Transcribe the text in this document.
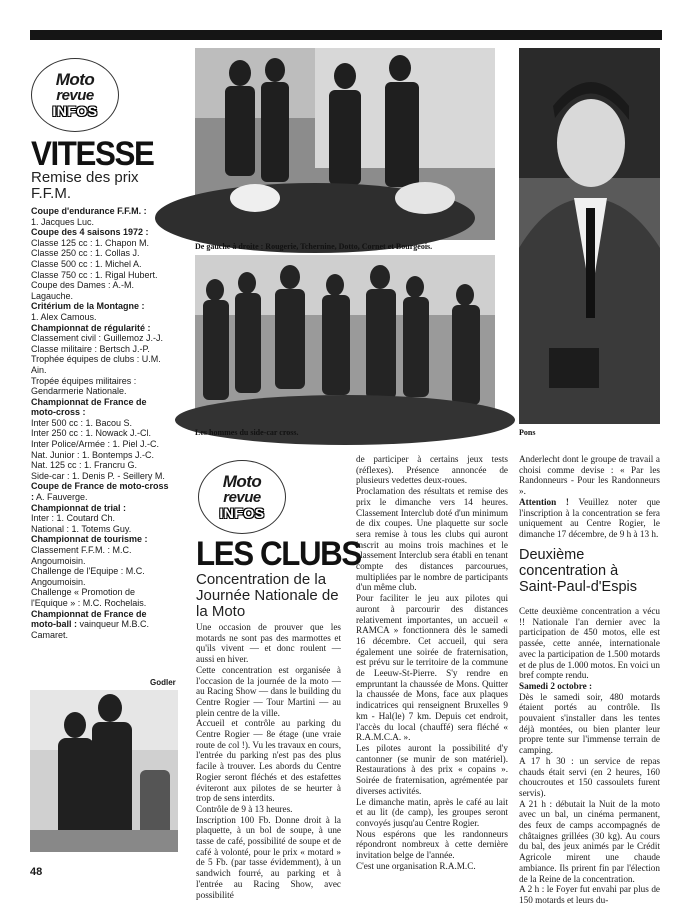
Moto
revue
INFOS
VITESSE
Remise des prix F.F.M.

Coupe d'endurance F.F.M. :

1. Jacques Luc.

Coupe des 4 saisons 1972 :

Classe 125 cc : 1. Chapon M.

Classe 250 cc : 1. Collas J.

Classe 500 cc : 1. Michel A.

Classe 750 cc : 1. Rigal Hubert.

Coupe des Dames : A.-M. Lagauche.

Critérium de la Montagne :

1. Alex Camous.

Championnat de régularité :

Classement civil : Guillemoz J.-J.

Classe militaire : Bertsch J.-P.

Trophée équipes de clubs : U.M. Ain.

Tropée équipes militaires : Gendarmerie Nationale.

Championnat de France de moto-cross :

Inter 500 cc : 1. Bacou S.

Inter 250 cc : 1. Nowack J.-Cl.

Inter Police/Armée : 1. Piel J.-C.

Nat. Junior : 1. Bontemps J.-C.

Nat. 125 cc : 1. Francru G.

Side-car : 1. Denis P. - Seillery M.

Coupe de France de moto-cross : A. Fauverge.

Championnat de trial :

Inter : 1. Coutard Ch.

National : 1. Totems Guy.

Championnat de tourisme :

Classement F.F.M. : M.C. Angoumoisin.

Challenge de l'Equipe : M.C. Angoumoisin.

Challenge « Promotion de l'Equique » : M.C. Rochelais.

Championnat de France de moto-ball : vainqueur M.B.C. Camaret.

Godler
De gauche à droite : Rougerie, Tchernine, Dotto, Cornet et Bourgeois.
Les hommes du side-car cross.	Pons
Moto
revue
INFOS
LES CLUBS
Concentration de la Journée Nationale de la Moto

Une occasion de prouver que les motards ne sont pas des marmottes et qu'ils vivent — et donc roulent — aussi en hiver.

Cette concentration est organisée à l'occasion de la journée de la moto — au Racing Show — dans le building du Centre Rogier — Tour Martini — au plein centre de la ville.

Accueil et contrôle au parking du Centre Rogier — 8e étage (une vraie route de col !). Vu les travaux en cours, l'entrée du parking n'est pas des plus facile à trouver. Les abords du Centre Rogier seront fléchés et des estafettes éviteront aux pilotes de se heurter à trop de sens interdits.

Contrôle de 9 à 13 heures.

Inscription 100 Fb. Donne droit à la plaquette, à un bol de soupe, à une tasse de café, possibilité de soupe et de café à volonté, pour le prix « motard » de 5 Fb. (par tasse évidemment), à un sandwich fourré, au parking et à l'entrée au Racing Show, avec possibilité

de participer à certains jeux tests (réflexes). Présence annoncée de plusieurs vedettes deux-roues.

Proclamation des résultats et remise des prix le dimanche vers 14 heures. Classement Interclub doté d'un minimum de dix coupes. Une plaquette sur socle sera remise à tous les clubs qui auront inscrit au moins trois machines et le classement Interclub sera établi en tenant compte des distances parcourues, multipliées par le nombre de participants d'un même club.

Pour faciliter le jeu aux pilotes qui auront à parcourir des distances relativement importantes, un accueil « RAMCA » fonctionnera dès le samedi 16 décembre. Cet accueil, qui sera également une soirée de fraternisation, est prévu sur le territoire de la commune de Leeuw-St-Pierre. S'y rendre en empruntant la chaussée de Mons. Quitter la chaussée de Mons, face aux plaques indicatrices qui renseignent Bruxelles 9 km - Hal(le) 7 km. Depuis cet endroit, l'accès du local (chauffé) sera fléché « R.A.M.C.A. ».

Les pilotes auront la possibilité d'y cantonner (se munir de son matériel). Restaurations à des prix « copains ». Soirée de fraternisation, agrémentée par diverses activités.

Le dimanche matin, après le café au lait et au lit (de camp), les groupes seront convoyés jusqu'au Centre Rogier.

Nous espérons que les randonneurs répondront nombreux à cette dernière invitation belge de l'année.

C'est une organisation R.A.M.C.

Anderlecht dont le groupe de travail a choisi comme devise : « Par les Randonneurs - Pour les Randonneurs ».

Attention ! Veuillez noter que l'inscription à la concentration se fera uniquement au Centre Rogier, le dimanche 17 décembre, de 9 h à 13 h.

Deuxième concentration à Saint-Paul-d'Espis

Cette deuxième concentration a vécu !! Nationale l'an dernier avec la participation de 450 motos, elle est passée, cette année, internationale avec la participation de 1.500 motards et de plus de 1.000 motos. En voici un bref compte rendu.

Samedi 2 octobre :

Dès le samedi soir, 480 motards étaient portés au contrôle. Ils pouvaient s'installer dans les tentes déjà montées, ou bien planter leur propre tente sur l'immense terrain de camping.

A 17 h 30 : un service de repas chauds était servi (en 2 heures, 160 choucroutes et 150 cassoulets furent servis).

A 21 h : débutait la Nuit de la moto avec un bal, un cinéma permanent, des feux de camps accompagnés de châtaignes grillées (30 kg). Au cours du bal, des jeux animés par le Crédit Agricole mirent une chaude ambiance. Ils prirent fin par l'élection de la Reine de la concentration.

A 2 h : le Foyer fut envahi par plus de 150 motards et leurs du-

48
